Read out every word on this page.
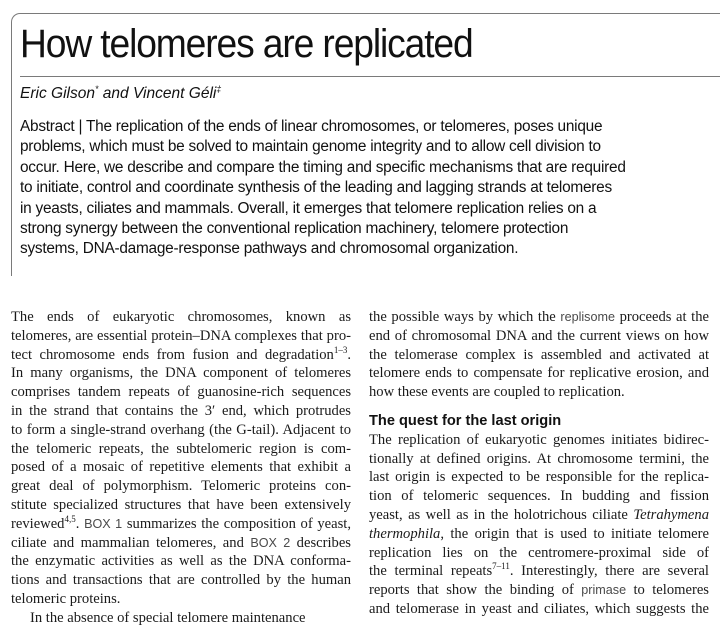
How telomeres are replicated
Eric Gilson* and Vincent Géli‡
Abstract | The replication of the ends of linear chromosomes, or telomeres, poses unique
problems, which must be solved to maintain genome integrity and to allow cell division to
occur. Here, we describe and compare the timing and specific mechanisms that are required
to initiate, control and coordinate synthesis of the leading and lagging strands at telomeres
in yeasts, ciliates and mammals. Overall, it emerges that telomere replication relies on a
strong synergy between the conventional replication machinery, telomere protection
systems, DNA-damage-response pathways and chromosomal organization.
The ends of eukaryotic chromosomes, known as
telomeres, are essential protein–DNA complexes that pro-
tect chromosome ends from fusion and degradation$^{1-3}$.
In many organisms, the DNA component of telomeres
comprises tandem repeats of guanosine-rich sequences
in the strand that contains the 3′ end, which protrudes
to form a single-strand overhang (the G-tail). Adjacent to
the telomeric repeats, the subtelomeric region is com-
posed of a mosaic of repetitive elements that exhibit a
great deal of polymorphism. Telomeric proteins con-
stitute specialized structures that have been extensively
reviewed$^{4,5}$. BOX 1 summarizes the composition of yeast,
ciliate and mammalian telomeres, and BOX 2 describes
the enzymatic activities as well as the DNA conforma-
tions and transactions that are controlled by the human
telomeric proteins.
In the absence of special telomere maintenance
the possible ways by which the replisome proceeds at the
end of chromosomal DNA and the current views on how
the telomerase complex is assembled and activated at
telomere ends to compensate for replicative erosion, and
how these events are coupled to replication.
The quest for the last origin
The replication of eukaryotic genomes initiates bidirec-
tionally at defined origins. At chromosome termini, the
last origin is expected to be responsible for the replica-
tion of telomeric sequences. In budding and fission
yeast, as well as in the holotrichous ciliate Tetrahymena
thermophila, the origin that is used to initiate telomere
replication lies on the centromere-proximal side of
the terminal repeats$^{7-11}$. Interestingly, there are several
reports that show the binding of primase to telomeres
and telomerase in yeast and ciliates, which suggests the
